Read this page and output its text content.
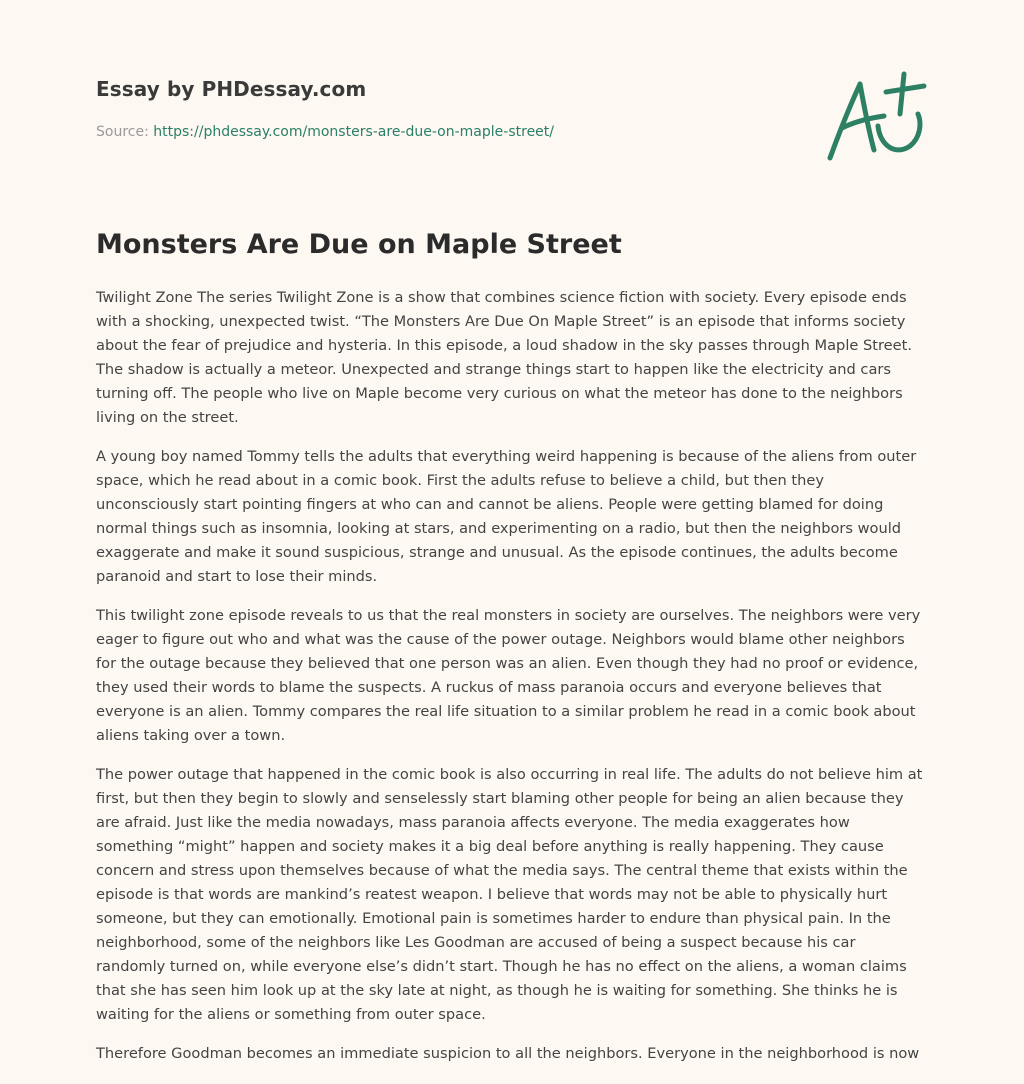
Essay by PHDessay.com
Source: https://phdessay.com/monsters-are-due-on-maple-street/
Monsters Are Due on Maple Street

Twilight Zone The series Twilight Zone is a show that combines science fiction with society. Every episode ends with a shocking, unexpected twist. “The Monsters Are Due On Maple Street” is an episode that informs society about the fear of prejudice and hysteria. In this episode, a loud shadow in the sky passes through Maple Street. The shadow is actually a meteor. Unexpected and strange things start to happen like the electricity and cars turning off. The people who live on Maple become very curious on what the meteor has done to the neighbors living on the street.

A young boy named Tommy tells the adults that everything weird happening is because of the aliens from outer space, which he read about in a comic book. First the adults refuse to believe a child, but then they unconsciously start pointing fingers at who can and cannot be aliens. People were getting blamed for doing normal things such as insomnia, looking at stars, and experimenting on a radio, but then the neighbors would exaggerate and make it sound suspicious, strange and unusual. As the episode continues, the adults become paranoid and start to lose their minds.

This twilight zone episode reveals to us that the real monsters in society are ourselves. The neighbors were very eager to figure out who and what was the cause of the power outage. Neighbors would blame other neighbors for the outage because they believed that one person was an alien. Even though they had no proof or evidence, they used their words to blame the suspects. A ruckus of mass paranoia occurs and everyone believes that everyone is an alien. Tommy compares the real life situation to a similar problem he read in a comic book about aliens taking over a town.

The power outage that happened in the comic book is also occurring in real life. The adults do not believe him at first, but then they begin to slowly and senselessly start blaming other people for being an alien because they are afraid. Just like the media nowadays, mass paranoia affects everyone. The media exaggerates how something “might” happen and society makes it a big deal before anything is really happening. They cause concern and stress upon themselves because of what the media says. The central theme that exists within the episode is that words are mankind’s reatest weapon. I believe that words may not be able to physically hurt someone, but they can emotionally. Emotional pain is sometimes harder to endure than physical pain. In the neighborhood, some of the neighbors like Les Goodman are accused of being a suspect because his car randomly turned on, while everyone else’s didn’t start. Though he has no effect on the aliens, a woman claims that she has seen him look up at the sky late at night, as though he is waiting for something. She thinks he is waiting for the aliens or something from outer space.

Therefore Goodman becomes an immediate suspicion to all the neighbors. Everyone in the neighborhood is now
